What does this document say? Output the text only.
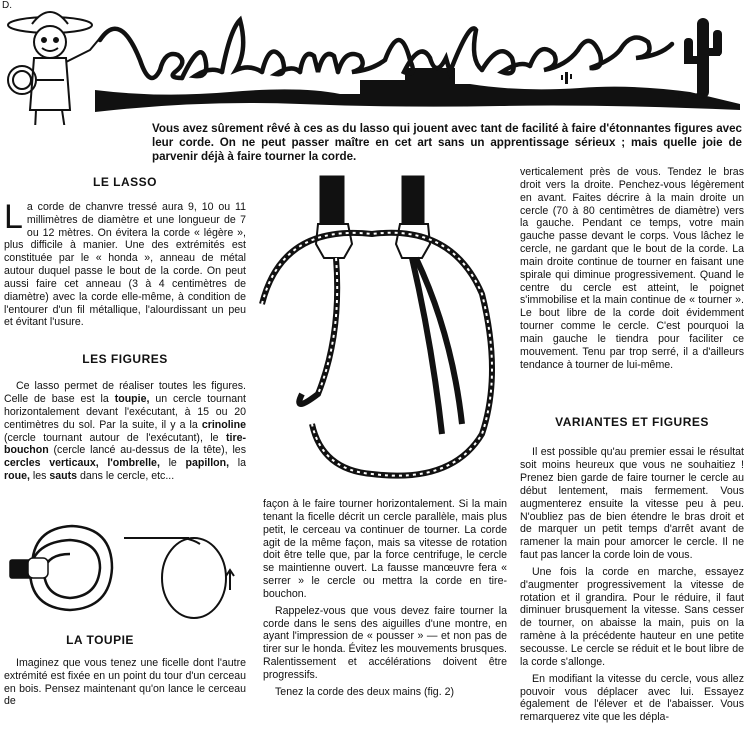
D.
KAMB
Vous avez sûrement rêvé à ces as du lasso qui jouent avec tant de facilité à faire d'étonnantes figures avec leur corde. On ne peut passer maître en cet art sans un apprentissage sérieux ; mais quelle joie de parvenir déjà à faire tourner la corde.
LE LASSO

La corde de chanvre tressé aura 9, 10 ou 11 millimètres de diamètre et une longueur de 7 ou 12 mètres. On évitera la corde « légère », plus difficile à manier. Une des extrémités est constituée par le « honda », anneau de métal autour duquel passe le bout de la corde. On peut aussi faire cet anneau (3 à 4 centimètres de diamètre) avec la corde elle-même, à condition de l'entourer d'un fil métallique, l'alourdissant un peu et évitant l'usure.

LES FIGURES

Ce lasso permet de réaliser toutes les figures. Celle de base est la toupie, un cercle tournant horizontalement devant l'exécutant, à 15 ou 20 centimètres du sol. Par la suite, il y a la crinoline (cercle tournant autour de l'exécutant), le tire-bouchon (cercle lancé au-dessus de la tête), les cercles verticaux, l'ombrelle, le papillon, la roue, les sauts dans le cercle, etc...

LA TOUPIE

Imaginez que vous tenez une ficelle dont l'autre extrémité est fixée en un point du tour d'un cerceau en bois. Pensez maintenant qu'on lance le cerceau de

façon à le faire tourner horizontalement. Si la main tenant la ficelle décrit un cercle parallèle, mais plus petit, le cerceau va continuer de tourner. La corde agit de la même façon, mais sa vitesse de rotation doit être telle que, par la force centrifuge, le cercle se maintienne ouvert. La fausse manœuvre fera « serrer » le cercle ou mettra la corde en tire-bouchon.

Rappelez-vous que vous devez faire tourner la corde dans le sens des aiguilles d'une montre, en ayant l'impression de « pousser » — et non pas de tirer sur le honda. Évitez les mouvements brusques. Ralentissement et accélérations doivent être progressifs.

Tenez la corde des deux mains (fig. 2)

verticalement près de vous. Tendez le bras droit vers la droite. Penchez-vous légèrement en avant. Faites décrire à la main droite un cercle (70 à 80 centimètres de diamètre) vers la gauche. Pendant ce temps, votre main gauche passe devant le corps. Vous lâchez le cercle, ne gardant que le bout de la corde. La main droite continue de tourner en faisant une spirale qui diminue progressivement. Quand le centre du cercle est atteint, le poignet s'immobilise et la main continue de « tourner ». Le bout libre de la corde doit évidemment tourner comme le cercle. C'est pourquoi la main gauche le tiendra pour faciliter ce mouvement. Tenu par trop serré, il a d'ailleurs tendance à tourner de lui-même.

VARIANTES ET FIGURES

Il est possible qu'au premier essai le résultat soit moins heureux que vous ne souhaitiez ! Prenez bien garde de faire tourner le cercle au début lentement, mais fermement. Vous augmenterez ensuite la vitesse peu à peu. N'oubliez pas de bien étendre le bras droit et de marquer un petit temps d'arrêt avant de ramener la main pour amorcer le cercle. Il ne faut pas lancer la corde loin de vous.

Une fois la corde en marche, essayez d'augmenter progressivement la vitesse de rotation et il grandira. Pour le réduire, il faut diminuer brusquement la vitesse. Sans cesser de tourner, on abaisse la main, puis on la ramène à la précédente hauteur en une petite secousse. Le cercle se réduit et le bout libre de la corde s'allonge.

En modifiant la vitesse du cercle, vous allez pouvoir vous déplacer avec lui. Essayez également de l'élever et de l'abaisser. Vous remarquerez vite que les dépla-
